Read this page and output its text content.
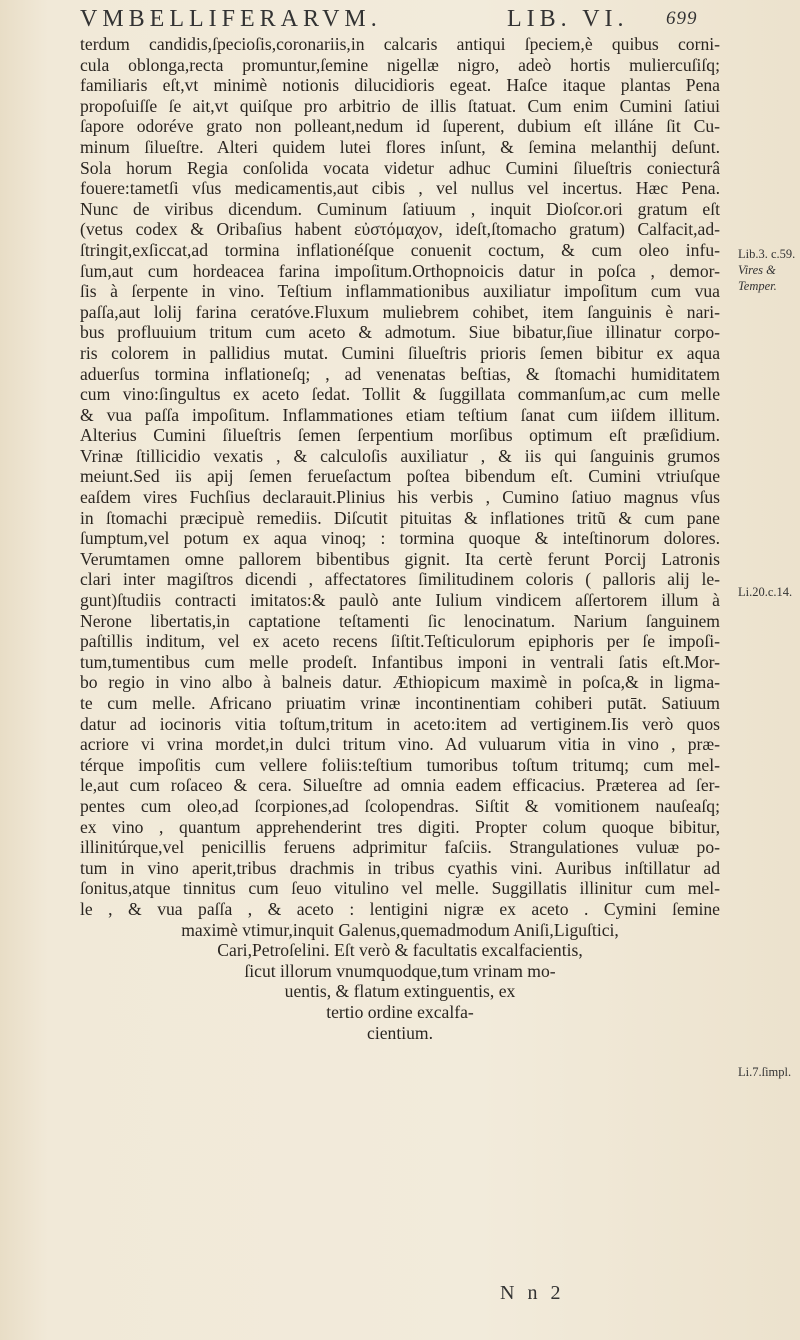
VMBELLIFERARVM.	LIB. VI. 699
terdum candidis,ſpecioſis,coronariis,in calcaris antiqui ſpeciem,è quibus corni-
cula oblonga,recta promuntur,ſemine nigellæ nigro, adeò hortis muliercuſiſq;
familiaris eſt,vt minimè notionis dilucidioris egeat. Haſce itaque plantas Pena
propoſuiſſe ſe ait,vt quiſque pro arbitrio de illis ſtatuat. Cum enim Cumini ſatiui
ſapore odoréve grato non polleant,nedum id ſuperent, dubium eſt illáne ſit Cu-
minum ſilueſtre. Alteri quidem lutei flores inſunt, & ſemina melanthij deſunt.
Sola horum Regia conſolida vocata videtur adhuc Cumini ſilueſtris coniecturâ
fouere:tametſi vſus medicamentis,aut cibis , vel nullus vel incertus. Hæc Pena.
Nunc de viribus dicendum. Cuminum ſatiuum , inquit Dioſcor.ori gratum eſt
(vetus codex & Oribaſius habent εὐστόμαχον, ideſt,ſtomacho gratum) Calfacit,ad-
ſtringit,exſiccat,ad tormina inflationéſque conuenit coctum, & cum oleo infu-
ſum,aut cum hordeacea farina impoſitum.Orthopnoicis datur in poſca , demor-
ſis à ſerpente in vino. Teſtium inflammationibus auxiliatur impoſitum cum vua
paſſa,aut lolij farina ceratóve.Fluxum muliebrem cohibet, item ſanguinis è nari-
bus profluuium tritum cum aceto & admotum. Siue bibatur,ſiue illinatur corpo-
ris colorem in pallidius mutat. Cumini ſilueſtris prioris ſemen bibitur ex aqua
aduerſus tormina inflationeſq; , ad venenatas beſtias, & ſtomachi humiditatem
cum vino:ſingultus ex aceto ſedat. Tollit & ſuggillata commanſum,ac cum melle
& vua paſſa impoſitum. Inflammationes etiam teſtium ſanat cum iiſdem illitum.
Alterius Cumini ſilueſtris ſemen ſerpentium morſibus optimum eſt præſidium.
Vrinæ ſtillicidio vexatis , & calculoſis auxiliatur , & iis qui ſanguinis grumos
meiunt.Sed iis apij ſemen ferueſactum poſtea bibendum eſt. Cumini vtriuſque
eaſdem vires Fuchſius declarauit.Plinius his verbis , Cumino ſatiuo magnus vſus
in ſtomachi præcipuè remediis. Diſcutit pituitas & inflationes tritũ & cum pane
ſumptum,vel potum ex aqua vinoq; : tormina quoque & inteſtinorum dolores.
Verumtamen omne pallorem bibentibus gignit. Ita certè ferunt Porcij Latronis
clari inter magiſtros dicendi , affectatores ſimilitudinem coloris ( palloris alij le-
gunt)ſtudiis contracti imitatos:& paulò ante Iulium vindicem aſſertorem illum à
Nerone libertatis,in captatione teſtamenti ſic lenocinatum. Narium ſanguinem
paſtillis inditum, vel ex aceto recens ſiſtit.Teſticulorum epiphoris per ſe impoſi-
tum,tumentibus cum melle prodeſt. Infantibus imponi in ventrali ſatis eſt.Mor-
bo regio in vino albo à balneis datur. Æthiopicum maximè in poſca,& in ligma-
te cum melle. Africano priuatim vrinæ incontinentiam cohiberi putāt. Satiuum
datur ad iocinoris vitia toſtum,tritum in aceto:item ad vertiginem.Iis verò quos
acriore vi vrina mordet,in dulci tritum vino. Ad vuluarum vitia in vino , præ-
térque impoſitis cum vellere foliis:teſtium tumoribus toſtum tritumq; cum mel-
le,aut cum roſaceo & cera. Silueſtre ad omnia eadem efficacius. Præterea ad ſer-
pentes cum oleo,ad ſcorpiones,ad ſcolopendras. Siſtit & vomitionem nauſeaſq;
ex vino , quantum apprehenderint tres digiti. Propter colum quoque bibitur,
illinitúrque,vel penicillis feruens adprimitur faſciis. Strangulationes vuluæ po-
tum in vino aperit,tribus drachmis in tribus cyathis vini. Auribus inſtillatur ad
ſonitus,atque tinnitus cum ſeuo vitulino vel melle. Suggillatis illinitur cum mel-
le , & vua paſſa , & aceto : lentigini nigræ ex aceto . Cymini ſemine
maximè vtimur,inquit Galenus,quemadmodum Aniſi,Liguſtici,
Cari,Petroſelini. Eſt verò & facultatis excalfacientis,
ſicut illorum vnumquodque,tum vrinam mo-
uentis, & flatum extinguentis, ex
tertio ordine excalfa-
cientium.
Lib.3. c.59.
Vires &
Temper.
Li.20.c.14.
Li.7.ſimpl.
N n 2
